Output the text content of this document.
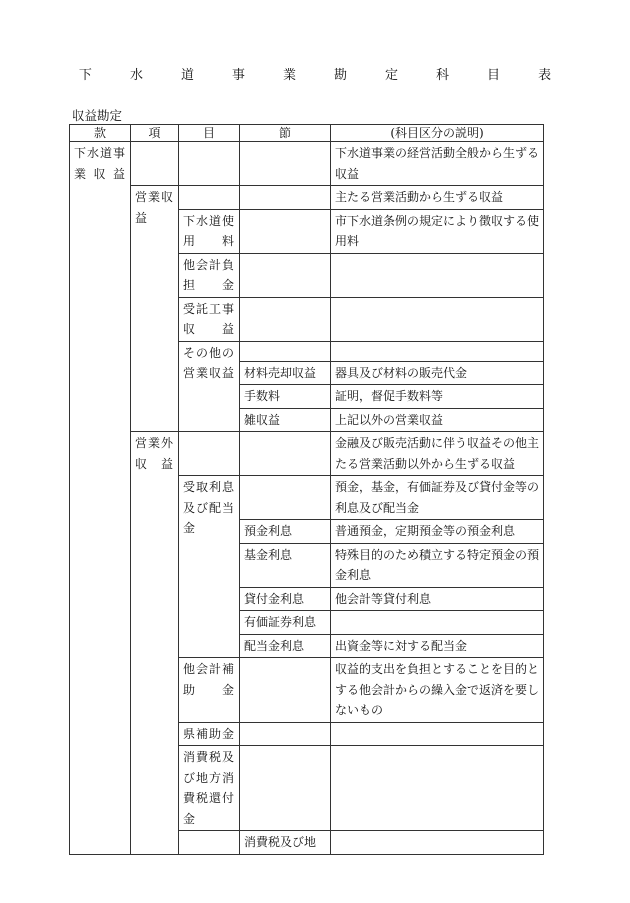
下	水	道	事	業	勘	定	科	目	表
収益勘定
款	項	目	節	(科目区分の説明)
下水道事業収益				下水道事業の経営活動全般から生ずる収益
	営業収益			主たる営業活動から生ずる収益
		下水道使用料		市下水道条例の規定により徴収する使用料
		他会計負担金		
		受託工事収益		
		その他の営業収益		
			材料売却収益	器具及び材料の販売代金
			手数料	証明，督促手数料等
			雑収益	上記以外の営業収益
	営業外収益			金融及び販売活動に伴う収益その他主たる営業活動以外から生ずる収益
		受取利息及び配当金		預金，基金，有価証券及び貸付金等の利息及び配当金
			預金利息	普通預金，定期預金等の預金利息
			基金利息	特殊目的のため積立する特定預金の預金利息
			貸付金利息	他会計等貸付利息
			有価証券利息	
			配当金利息	出資金等に対する配当金
		他会計補助金		収益的支出を負担とすることを目的とする他会計からの繰入金で返済を要しないもの
		県補助金		
		消費税及び地方消費税還付金		
			消費税及び地	
